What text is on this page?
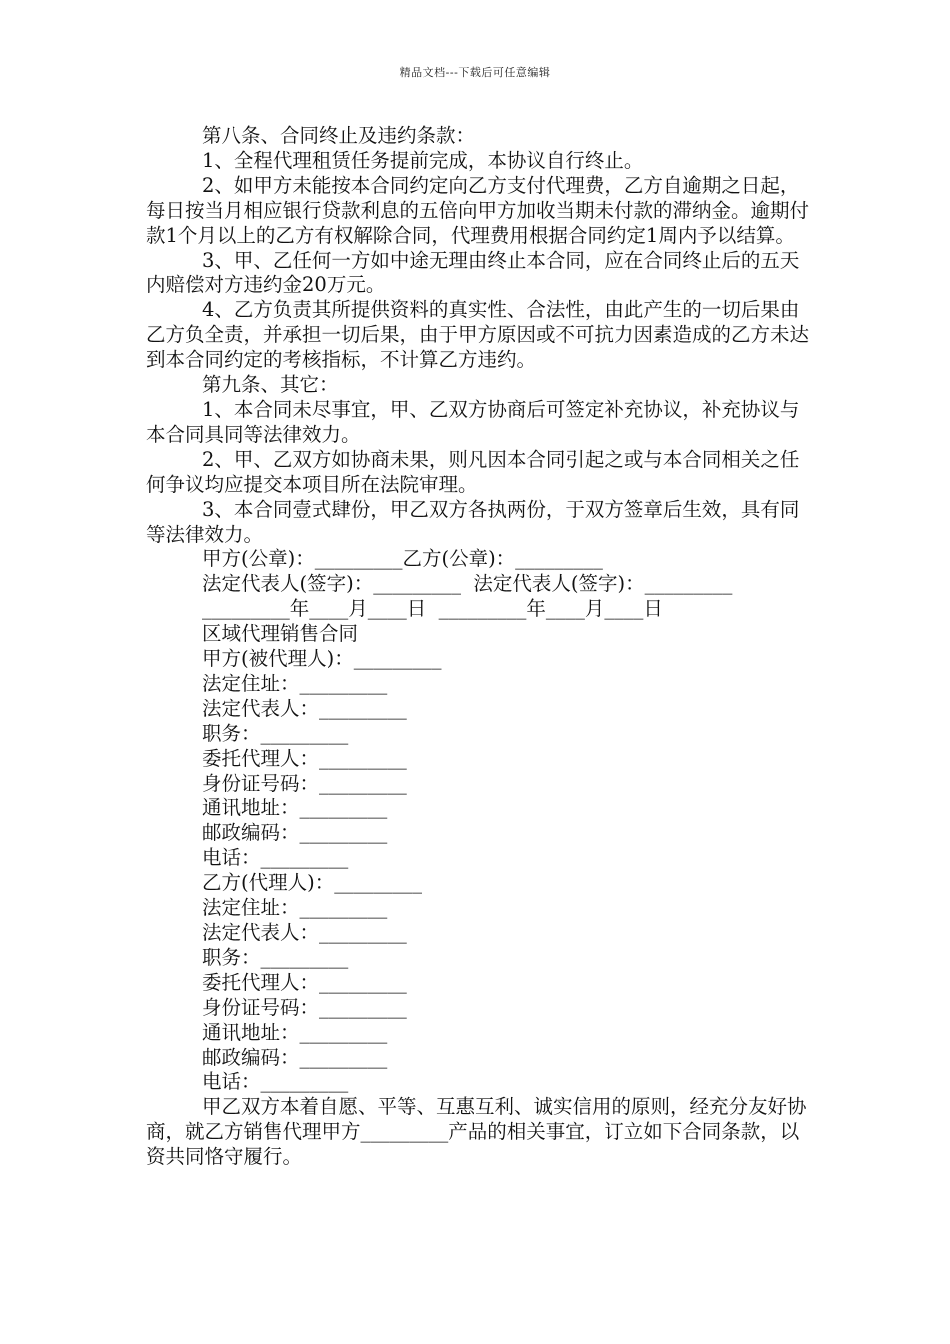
精品文档---下载后可任意编辑

第八条、合同终止及违约条款：

1、全程代理租赁任务提前完成，本协议自行终止。

2、如甲方未能按本合同约定向乙方支付代理费，乙方自逾期之日起，每日按当月相应银行贷款利息的五倍向甲方加收当期未付款的滞纳金。逾期付款1个月以上的乙方有权解除合同，代理费用根据合同约定1周内予以结算。

3、甲、乙任何一方如中途无理由终止本合同，应在合同终止后的五天内赔偿对方违约金20万元。

4、乙方负责其所提供资料的真实性、合法性，由此产生的一切后果由乙方负全责，并承担一切后果，由于甲方原因或不可抗力因素造成的乙方未达到本合同约定的考核指标，不计算乙方违约。

第九条、其它：

1、本合同未尽事宜，甲、乙双方协商后可签定补充协议，补充协议与本合同具同等法律效力。

2、甲、乙双方如协商未果，则凡因本合同引起之或与本合同相关之任何争议均应提交本项目所在法院审理。

3、本合同壹式肆份，甲乙双方各执两份，于双方签章后生效，具有同等法律效力。

甲方(公章)：_________乙方(公章)：_________

法定代表人(签字)：_________  法定代表人(签字)：_________

_________年____月____日  _________年____月____日

区域代理销售合同

甲方(被代理人)：_________

法定住址：_________

法定代表人：_________

职务：_________

委托代理人：_________

身份证号码：_________

通讯地址：_________

邮政编码：_________

电话：_________

乙方(代理人)：_________

法定住址：_________

法定代表人：_________

职务：_________

委托代理人：_________

身份证号码：_________

通讯地址：_________

邮政编码：_________

电话：_________

甲乙双方本着自愿、平等、互惠互利、诚实信用的原则，经充分友好协商，就乙方销售代理甲方_________产品的相关事宜，订立如下合同条款，以资共同恪守履行。
